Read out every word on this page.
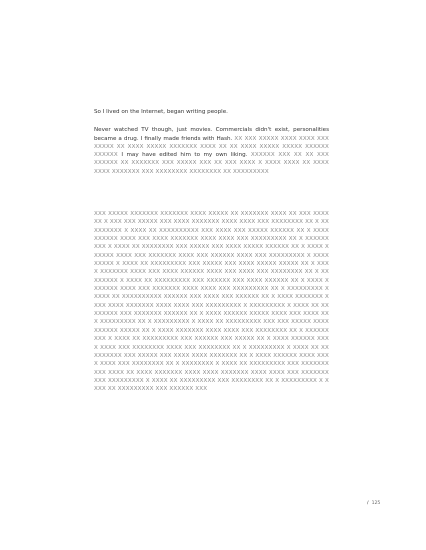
So I lived on the Internet, began writing people.

Never watched TV though, just movies. Commercials didn't exist, personalities became a drug. I finally made friends with Hash. XX XXX XXXXX XXXX XXXX XXX XXXXX XX XXXX XXXXX XXXXXXX XXXX XX XX XXXX XXXXX XXXXX XXXXXX XXXXXX I may have edited him to my own liking. XXXXXX XXX XX XX XXX XXXXXX XX XXXXXXX XXX XXXXX XXX XX XXX XXXX X XXXX XXXX XX XXXX XXXX XXXXXXX XXX XXXXXXXX XXXXXXXX XX XXXXXXXXX

XXX XXXXX XXXXXXX XXXXXXX XXXX XXXXX XX XXXXXXX XXXX XX XXX XXXXXX X XXX XXX XXXXX XXX XXXX XXXXXXX XXXX XXXX XXX XXXXXXXX XX X XXXXXXXXX X XXXX XX XXXXXXXXXX XXX XXXX XXX XXXXX XXXXXX XX X XXXX XXXXXX XXXX XXX XXXX XXXXXXX XXXX XXXX XXX XXXXXXXXX XX X XXXXXXXXX X XXXX XX XXXXXXXX XXX XXXXX XXX XXXX XXXXX XXXXXX XX X XXXX XXXXXX XXXX XXX XXXXXXX XXXX XXX XXXXXX XXXX XXX XXXXXXXXX X XXXXXXXXX X XXXX XX XXXXXXXXX XXX XXXXX XXX XXXX XXXXX XXXXX XX X XXXX XXXXXXX XXXX XXX XXXX XXXXXX XXXX XXX XXXX XXX XXXXXXXX XX X XXXXXXXX X XXXX XX XXXXXXXXX XXX XXXXXX XXX XXXX XXXXXX XX X XXXX XXXXXXX XXXX XXX XXXXXXX XXXX XXXX XXX XXXXXXXXX XX X XXXXXXXXX X XXXX XX XXXXXXXXXX XXXXXX XXX XXXX XXX XXXXXX XX X XXXX XXXXXXX XXXX XXXX XXXXXXX XXXX XXXX XXX XXXXXXXXX X XXXXXXXXX X XXXX XX XXXXXXXX XXX XXXXXXX XXXXXX XX X XXXX XXXXXX XXXXX XXXX XXX XXXX XXX XXXXXXXXX XX X XXXXXXXXX X XXXX XX XXXXXXXXX XXX XXX XXXXX XXXX XXXXXX XXXXX XX X XXXX XXXXXXX XXXX XXXX XXX XXXXXXXX XX X XXXXXXXXX X XXXX XX XXXXXXXXX XXX XXXXXX XXX XXXXX XX X XXXX XXXXXX XXXX XXXX XXX XXXXXXXX XXXX XXX XXXXXXXX XX X XXXXXXXXX X XXXX XX XXXXXXXXX XXX XXXXX XXX XXXX XXXX XXXXXXX XX X XXXX XXXXXX XXXX XXXX XXXX XXX XXXXXXXX XX X XXXXXXXX X XXXX XX XXXXXXXXX XXX XXXXXXX XXX XXXX XX XXXX XXXXXXX XXXX XXXX XXXXXXX XXXX XXXX XXX XXXXXXXXXX XXXXXXXXX X XXXX XX XXXXXXXXX XXX XXXXXXXX XX X XXXXXXXXX X XXXX XX XXXXXXXXX XXX XXXXXX XXX
/ 125
